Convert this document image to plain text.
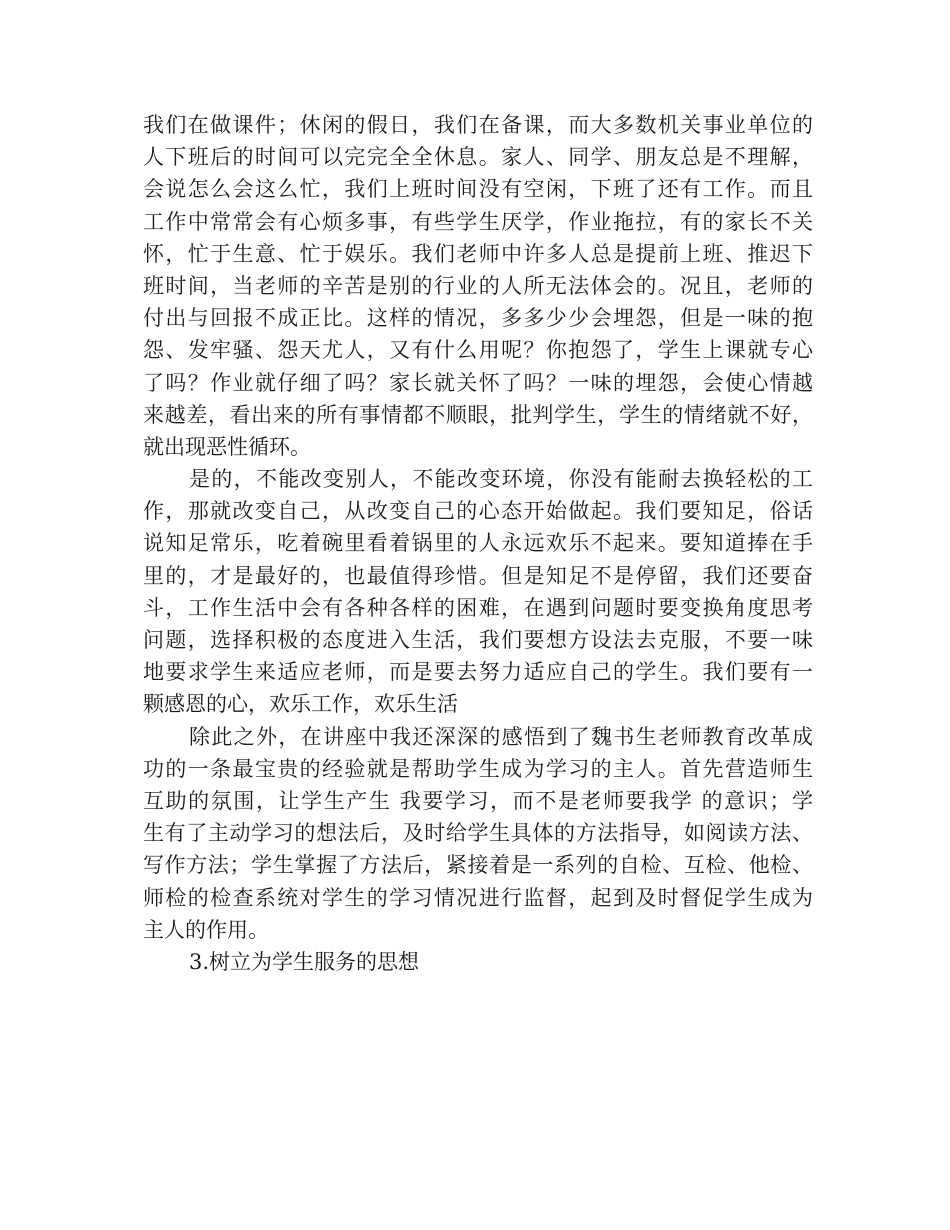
我们在做课件；休闲的假日，我们在备课，而大多数机关事业单位的
人下班后的时间可以完完全全休息。家人、同学、朋友总是不理解，
会说怎么会这么忙，我们上班时间没有空闲，下班了还有工作。而且
工作中常常会有心烦多事，有些学生厌学，作业拖拉，有的家长不关
怀，忙于生意、忙于娱乐。我们老师中许多人总是提前上班、推迟下
班时间，当老师的辛苦是别的行业的人所无法体会的。况且，老师的
付出与回报不成正比。这样的情况，多多少少会埋怨，但是一味的抱
怨、发牢骚、怨天尤人，又有什么用呢？你抱怨了，学生上课就专心
了吗？作业就仔细了吗？家长就关怀了吗？一味的埋怨，会使心情越
来越差，看出来的所有事情都不顺眼，批判学生，学生的情绪就不好，
就出现恶性循环。
是的，不能改变别人，不能改变环境，你没有能耐去换轻松的工
作，那就改变自己，从改变自己的心态开始做起。我们要知足，俗话
说知足常乐，吃着碗里看着锅里的人永远欢乐不起来。要知道捧在手
里的，才是最好的，也最值得珍惜。但是知足不是停留，我们还要奋
斗，工作生活中会有各种各样的困难，在遇到问题时要变换角度思考
问题，选择积极的态度进入生活，我们要想方设法去克服，不要一味
地要求学生来适应老师，而是要去努力适应自己的学生。我们要有一
颗感恩的心，欢乐工作，欢乐生活
除此之外，在讲座中我还深深的感悟到了魏书生老师教育改革成
功的一条最宝贵的经验就是帮助学生成为学习的主人。首先营造师生
互助的氛围，让学生产生 我要学习，而不是老师要我学 的意识；学
生有了主动学习的想法后，及时给学生具体的方法指导，如阅读方法、
写作方法；学生掌握了方法后，紧接着是一系列的自检、互检、他检、
师检的检查系统对学生的学习情况进行监督，起到及时督促学生成为
主人的作用。
3.树立为学生服务的思想
